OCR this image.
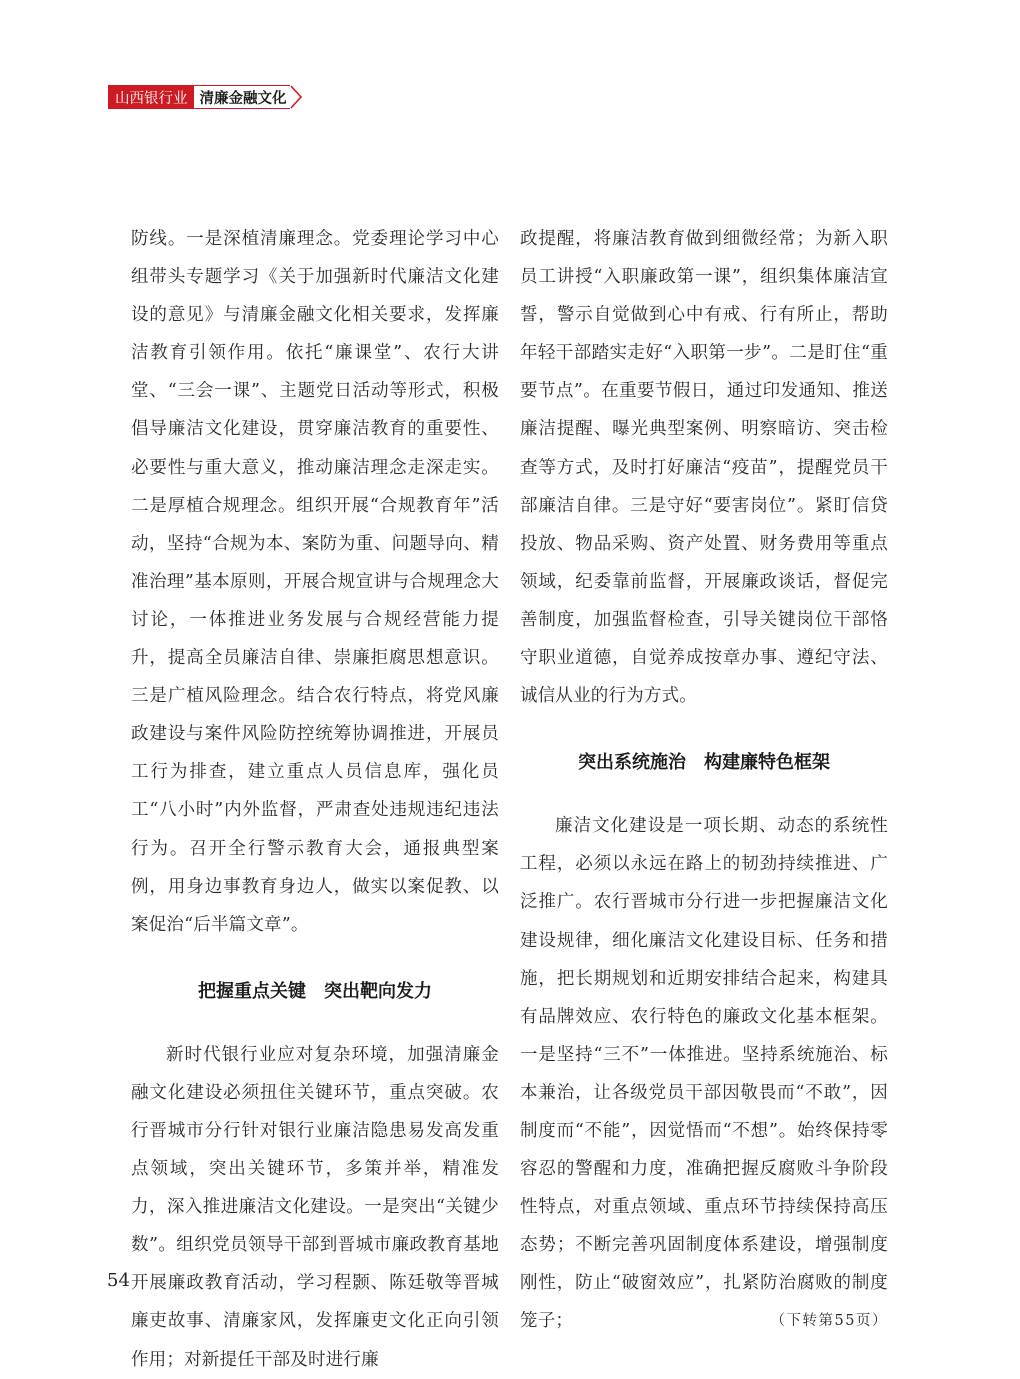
山西银行业 清廉金融文化

防线。一是深植清廉理念。党委理论学习中心组带头专题学习《关于加强新时代廉洁文化建设的意见》与清廉金融文化相关要求，发挥廉洁教育引领作用。依托“廉课堂”、农行大讲堂、“三会一课”、主题党日活动等形式，积极倡导廉洁文化建设，贯穿廉洁教育的重要性、必要性与重大意义，推动廉洁理念走深走实。二是厚植合规理念。组织开展“合规教育年”活动，坚持“合规为本、案防为重、问题导向、精准治理”基本原则，开展合规宣讲与合规理念大讨论，一体推进业务发展与合规经营能力提升，提高全员廉洁自律、崇廉拒腐思想意识。三是广植风险理念。结合农行特点，将党风廉政建设与案件风险防控统筹协调推进，开展员工行为排查，建立重点人员信息库，强化员工“八小时”内外监督，严肃查处违规违纪违法行为。召开全行警示教育大会，通报典型案例，用身边事教育身边人，做实以案促教、以案促治“后半篇文章”。

把握重点关键　突出靶向发力

新时代银行业应对复杂环境，加强清廉金融文化建设必须扭住关键环节，重点突破。农行晋城市分行针对银行业廉洁隐患易发高发重点领域，突出关键环节，多策并举，精准发力，深入推进廉洁文化建设。一是突出“关键少数”。组织党员领导干部到晋城市廉政教育基地开展廉政教育活动，学习程颢、陈廷敬等晋城廉吏故事、清廉家风，发挥廉吏文化正向引领作用；对新提任干部及时进行廉

政提醒，将廉洁教育做到细微经常；为新入职员工讲授“入职廉政第一课”，组织集体廉洁宣誓，警示自觉做到心中有戒、行有所止，帮助年轻干部踏实走好“入职第一步”。二是盯住“重要节点”。在重要节假日，通过印发通知、推送廉洁提醒、曝光典型案例、明察暗访、突击检查等方式，及时打好廉洁“疫苗”，提醒党员干部廉洁自律。三是守好“要害岗位”。紧盯信贷投放、物品采购、资产处置、财务费用等重点领域，纪委靠前监督，开展廉政谈话，督促完善制度，加强监督检查，引导关键岗位干部恪守职业道德，自觉养成按章办事、遵纪守法、诚信从业的行为方式。

突出系统施治　构建廉特色框架

廉洁文化建设是一项长期、动态的系统性工程，必须以永远在路上的韧劲持续推进、广泛推广。农行晋城市分行进一步把握廉洁文化建设规律，细化廉洁文化建设目标、任务和措施，把长期规划和近期安排结合起来，构建具有品牌效应、农行特色的廉政文化基本框架。一是坚持“三不”一体推进。坚持系统施治、标本兼治，让各级党员干部因敬畏而“不敢”，因制度而“不能”，因觉悟而“不想”。始终保持零容忍的警醒和力度，准确把握反腐败斗争阶段性特点，对重点领域、重点环节持续保持高压态势；不断完善巩固制度体系建设，增强制度刚性，防止“破窗效应”，扎紧防治腐败的制度笼子；	（下转第55页）

54
